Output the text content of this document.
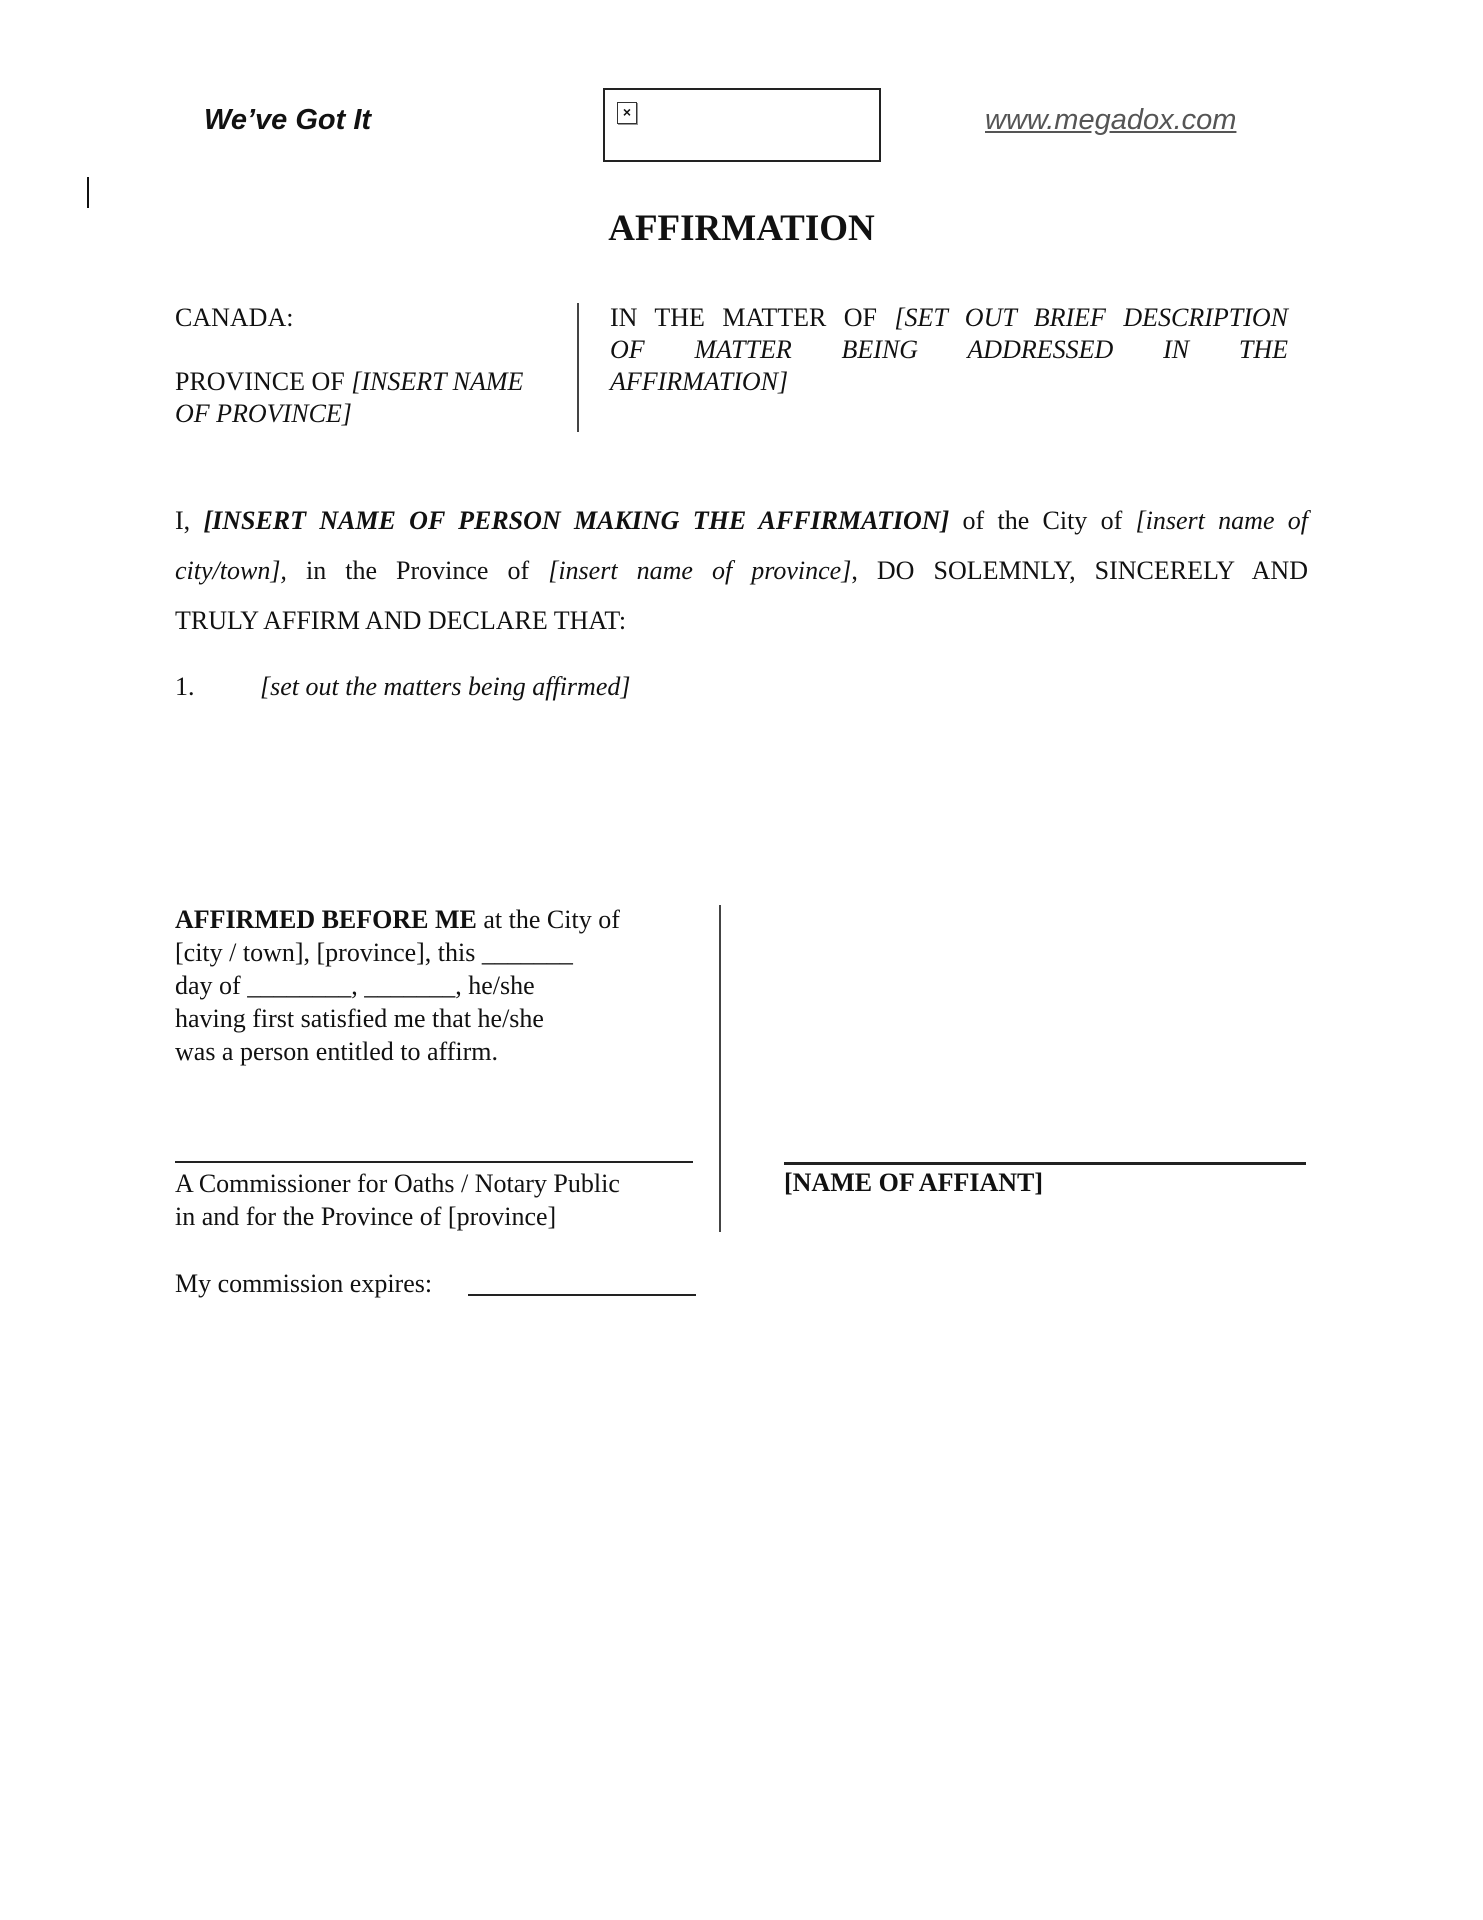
We’ve Got It	×	www.megadox.com
AFFIRMATION
CANADA:
PROVINCE OF [INSERT NAME
OF PROVINCE]
IN THE MATTER OF [SET OUT BRIEF DESCRIPTION
OF MATTER BEING ADDRESSED IN THE
AFFIRMATION]
I, [INSERT NAME OF PERSON MAKING THE AFFIRMATION] of the City of [insert name of
city/town], in the Province of [insert name of province], DO SOLEMNLY, SINCERELY AND
TRULY AFFIRM AND DECLARE THAT:
1.	[set out the matters being affirmed]
AFFIRMED BEFORE ME at the City of
[city / town], [province], this _______
day of ________, _______, he/she
having first satisfied me that he/she
was a person entitled to affirm.
A Commissioner for Oaths / Notary Public
in and for the Province of [province]
[NAME OF AFFIANT]
My commission expires:
